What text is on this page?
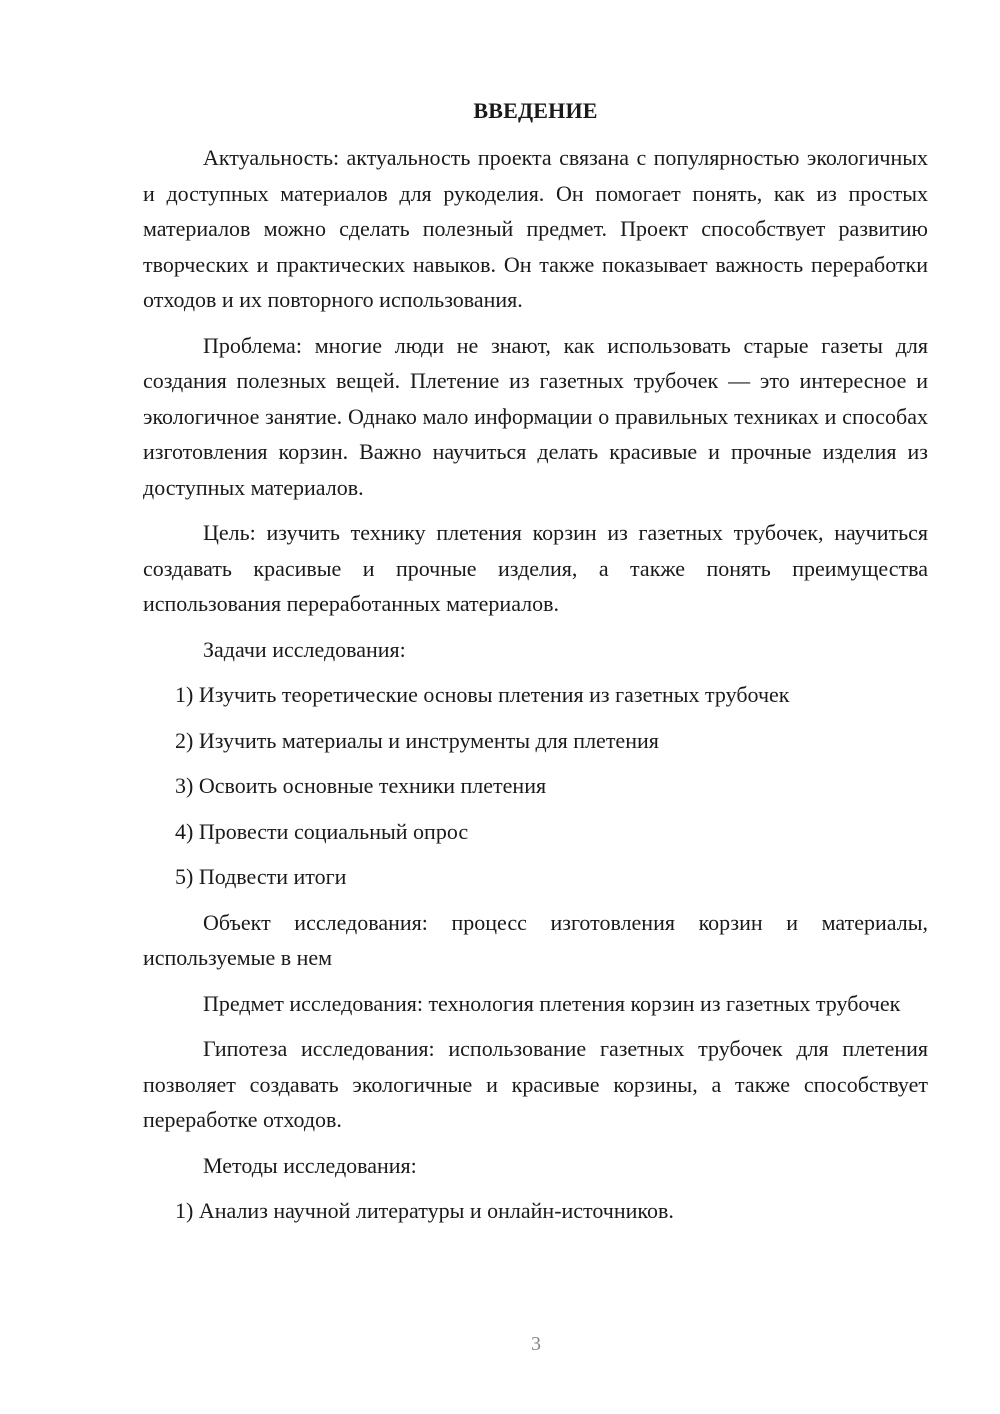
ВВЕДЕНИЕ

Актуальность: актуальность проекта связана с популярностью экологичных и доступных материалов для рукоделия. Он помогает понять, как из простых материалов можно сделать полезный предмет. Проект способствует развитию творческих и практических навыков. Он также показывает важность переработки отходов и их повторного использования.

Проблема: многие люди не знают, как использовать старые газеты для создания полезных вещей. Плетение из газетных трубочек — это интересное и экологичное занятие. Однако мало информации о правильных техниках и способах изготовления корзин. Важно научиться делать красивые и прочные изделия из доступных материалов.

Цель: изучить технику плетения корзин из газетных трубочек, научиться создавать красивые и прочные изделия, а также понять преимущества использования переработанных материалов.

Задачи исследования:

1) Изучить теоретические основы плетения из газетных трубочек
2) Изучить материалы и инструменты для плетения
3) Освоить основные техники плетения
4) Провести социальный опрос
5) Подвести итоги

Объект исследования: процесс изготовления корзин и материалы, используемые в нем

Предмет исследования: технология плетения корзин из газетных трубочек

Гипотеза исследования: использование газетных трубочек для плетения позволяет создавать экологичные и красивые корзины, а также способствует переработке отходов.

Методы исследования:

1) Анализ научной литературы и онлайн-источников.
3
